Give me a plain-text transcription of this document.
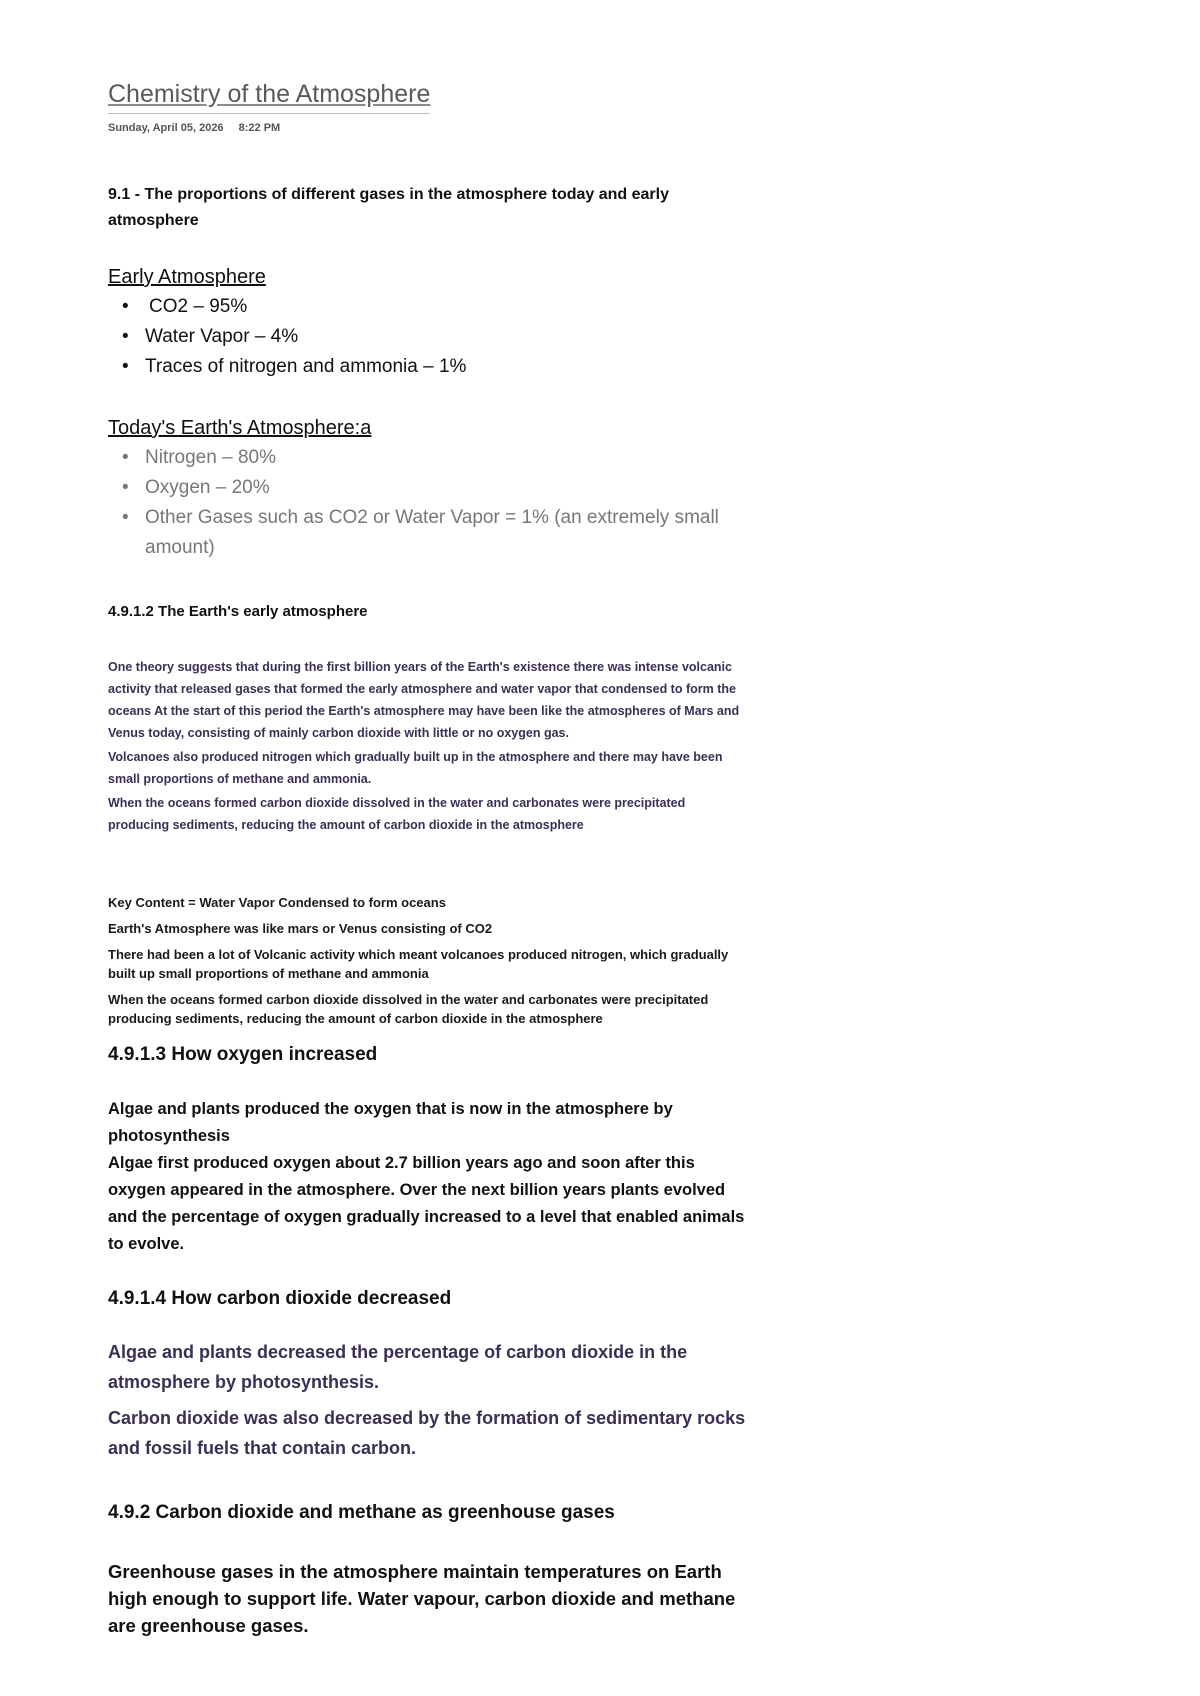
Chemistry of the Atmosphere
Sunday, April 05, 2026 8:22 PM
9.1 - The proportions of different gases in the atmosphere today and early atmosphere
Early Atmosphere
• CO2 – 95%
• Water Vapor – 4%
• Traces of nitrogen and ammonia – 1%
Today's Earth's Atmosphere:a
• Nitrogen – 80%
• Oxygen – 20%
• Other Gases such as CO2 or Water Vapor = 1% (an extremely small amount)
4.9.1.2 The Earth's early atmosphere

One theory suggests that during the first billion years of the Earth's existence there was intense volcanic activity that released gases that formed the early atmosphere and water vapor that condensed to form the oceans At the start of this period the Earth's atmosphere may have been like the atmospheres of Mars and Venus today, consisting of mainly carbon dioxide with little or no oxygen gas.

Volcanoes also produced nitrogen which gradually built up in the atmosphere and there may have been small proportions of methane and ammonia.

When the oceans formed carbon dioxide dissolved in the water and carbonates were precipitated producing sediments, reducing the amount of carbon dioxide in the atmosphere

Key Content = Water Vapor Condensed to form oceans

Earth's Atmosphere was like mars or Venus consisting of CO2

There had been a lot of Volcanic activity which meant volcanoes produced nitrogen, which gradually built up small proportions of methane and ammonia

When the oceans formed carbon dioxide dissolved in the water and carbonates were precipitated producing sediments, reducing the amount of carbon dioxide in the atmosphere

4.9.1.3 How oxygen increased

Algae and plants produced the oxygen that is now in the atmosphere by photosynthesis

Algae first produced oxygen about 2.7 billion years ago and soon after this oxygen appeared in the atmosphere. Over the next billion years plants evolved and the percentage of oxygen gradually increased to a level that enabled animals to evolve.

4.9.1.4 How carbon dioxide decreased

Algae and plants decreased the percentage of carbon dioxide in the atmosphere by photosynthesis.

Carbon dioxide was also decreased by the formation of sedimentary rocks and fossil fuels that contain carbon.

4.9.2 Carbon dioxide and methane as greenhouse gases

Greenhouse gases in the atmosphere maintain temperatures on Earth high enough to support life. Water vapour, carbon dioxide and methane are greenhouse gases.
